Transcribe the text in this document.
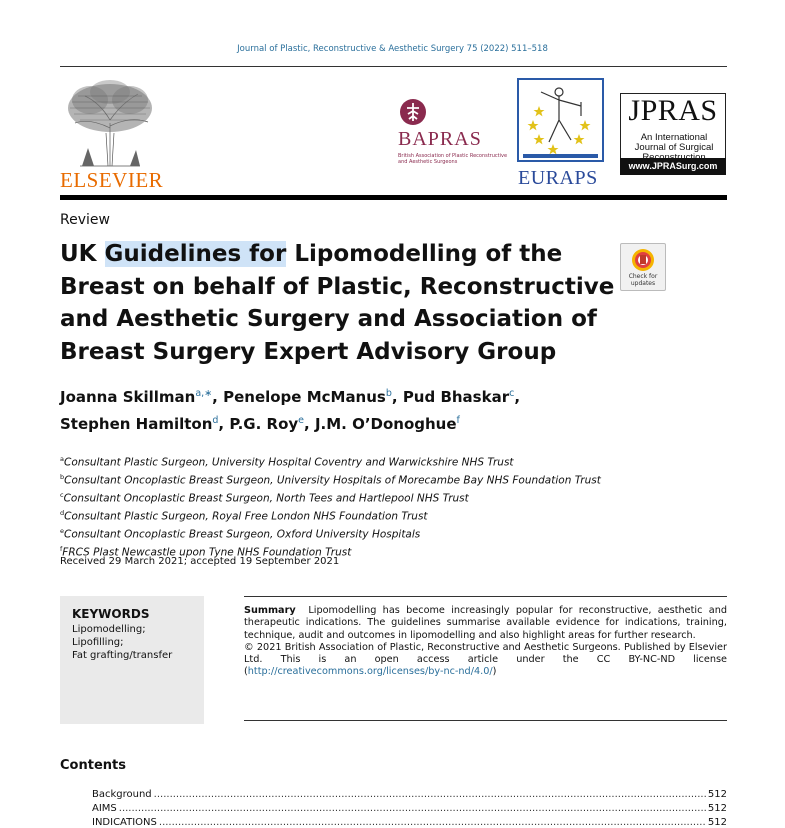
Journal of Plastic, Reconstructive & Aesthetic Surgery 75 (2022) 511–518
ELSEVIER
BAPRAS
British Association of Plastic Reconstructive and Aesthetic Surgeons
EURAPS
JPRAS
An International Journal of Surgical
www.JPRASurg.com
Review
UK Guidelines for Lipomodelling of the
Breast on behalf of Plastic, Reconstructive
and Aesthetic Surgery and Association of
Breast Surgery Expert Advisory Group
Check for updates
Joanna Skillman$^{a,∗}$, Penelope McManus$^b$, Pud Bhaskar$^c$,
Stephen Hamilton$^d$, P.G. Roy$^e$, J.M. O’Donoghue$^f$
$^a$Consultant Plastic Surgeon, University Hospital Coventry and Warwickshire NHS Trust
$^b$Consultant Oncoplastic Breast Surgeon, University Hospitals of Morecambe Bay NHS Foundation Trust
$^c$Consultant Oncoplastic Breast Surgeon, North Tees and Hartlepool NHS Trust
$^d$Consultant Plastic Surgeon, Royal Free London NHS Foundation Trust
$^e$Consultant Oncoplastic Breast Surgeon, Oxford University Hospitals
$^f$FRCS Plast Newcastle upon Tyne NHS Foundation Trust
Received 29 March 2021; accepted 19 September 2021
KEYWORDS
Lipomodelling;
Lipofilling;
Fat grafting/transfer
Summary Lipomodelling has become increasingly popular for reconstructive, aesthetic and therapeutic indications. The guidelines summarise available evidence for indications, training, technique, audit and outcomes in lipomodelling and also highlight areas for further research.
© 2021 British Association of Plastic, Reconstructive and Aesthetic Surgeons. Published by Elsevier Ltd. This is an open access article under the CC BY-NC-ND license (http://creativecommons.org/licenses/by-nc-nd/4.0/)
Contents
Background .....	512
AIMS .....	512
INDICATIONS .....	512
